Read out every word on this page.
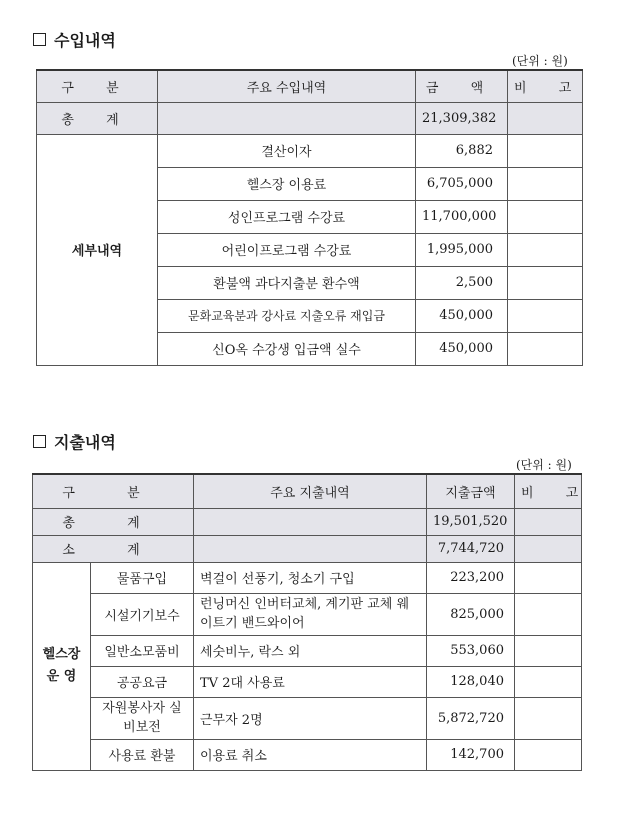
수입내역
(단위 : 원)
구 분	주요 수입내역	금 액	비 고
총 계		21,309,382	
세부내역	결산이자	6,882	
	헬스장 이용료	6,705,000	
	성인프로그램 수강료	11,700,000	
	어린이프로그램 수강료	1,995,000	
	환불액 과다지출분 환수액	2,500	
	문화교육분과 강사료 지출오류 재입금	450,000	
	신O옥 수강생 입금액 실수	450,000	
지출내역
(단위 : 원)
구 분		주요 지출내역	지출금액	비 고
총 계			19,501,520	
소 계			7,744,720	
헬스장
운 영	물품구입	벽걸이 선풍기, 청소기 구입	223,200	
	시설기기보수	런닝머신 인버터교체, 계기판 교체 웨이트기 밴드와이어	825,000	
	일반소모품비	세숫비누, 락스 외	553,060	
	공공요금	TV 2대 사용료	128,040	
	자원봉사자 실비보전	근무자 2명	5,872,720	
	사용료 환불	이용료 취소	142,700	
